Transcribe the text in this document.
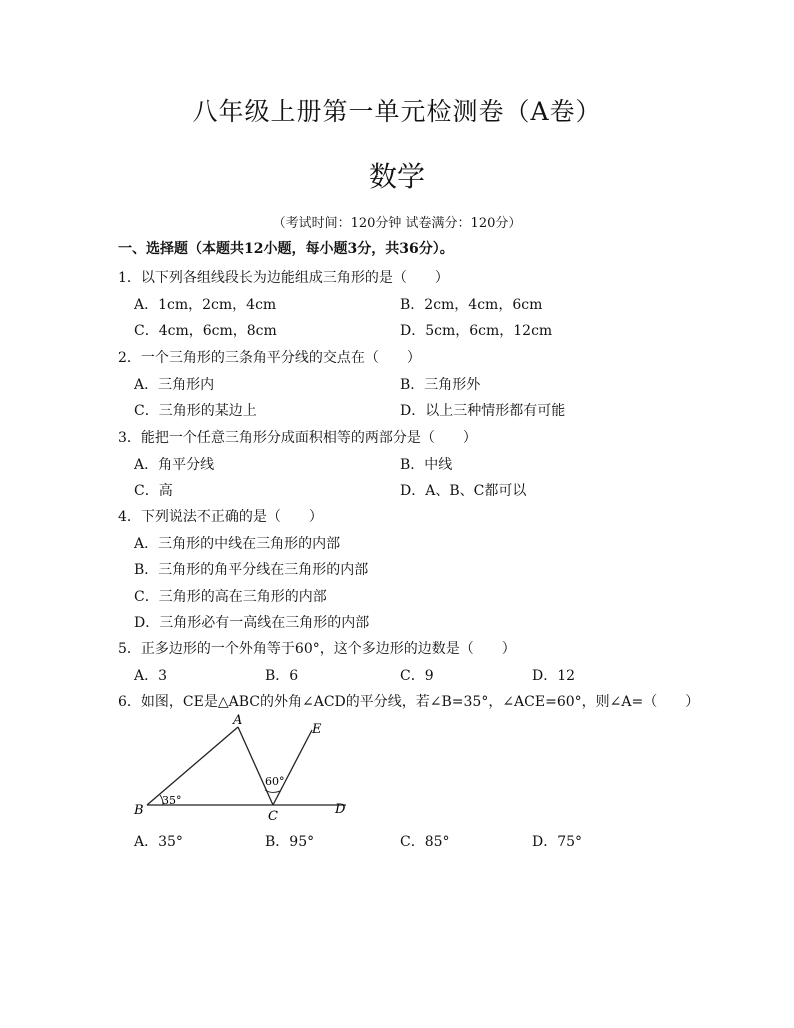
八年级上册第一单元检测卷（A卷）
数学
（考试时间：120分钟 试卷满分：120分）
一、选择题（本题共12小题，每小题3分，共36分）。
1．以下列各组线段长为边能组成三角形的是（　　）
A．1cm，2cm，4cm	B．2cm，4cm，6cm
C．4cm，6cm，8cm	D．5cm，6cm，12cm
2．一个三角形的三条角平分线的交点在（　　）
A．三角形内	B．三角形外
C．三角形的某边上	D．以上三种情形都有可能
3．能把一个任意三角形分成面积相等的两部分是（　　）
A．角平分线	B．中线
C．高	D．A、B、C都可以
4．下列说法不正确的是（　　）
A．三角形的中线在三角形的内部
B．三角形的角平分线在三角形的内部
C．三角形的高在三角形的内部
D．三角形必有一高线在三角形的内部
5．正多边形的一个外角等于60°，这个多边形的边数是（　　）
A．3	B．6	C．9	D．12
6．如图，CE是△ABC的外角∠ACD的平分线，若∠B=35°，∠ACE=60°，则∠A=（　　）
B
A
C	D
E
35°
60°
A．35°	B．95°	C．85°	D．75°
